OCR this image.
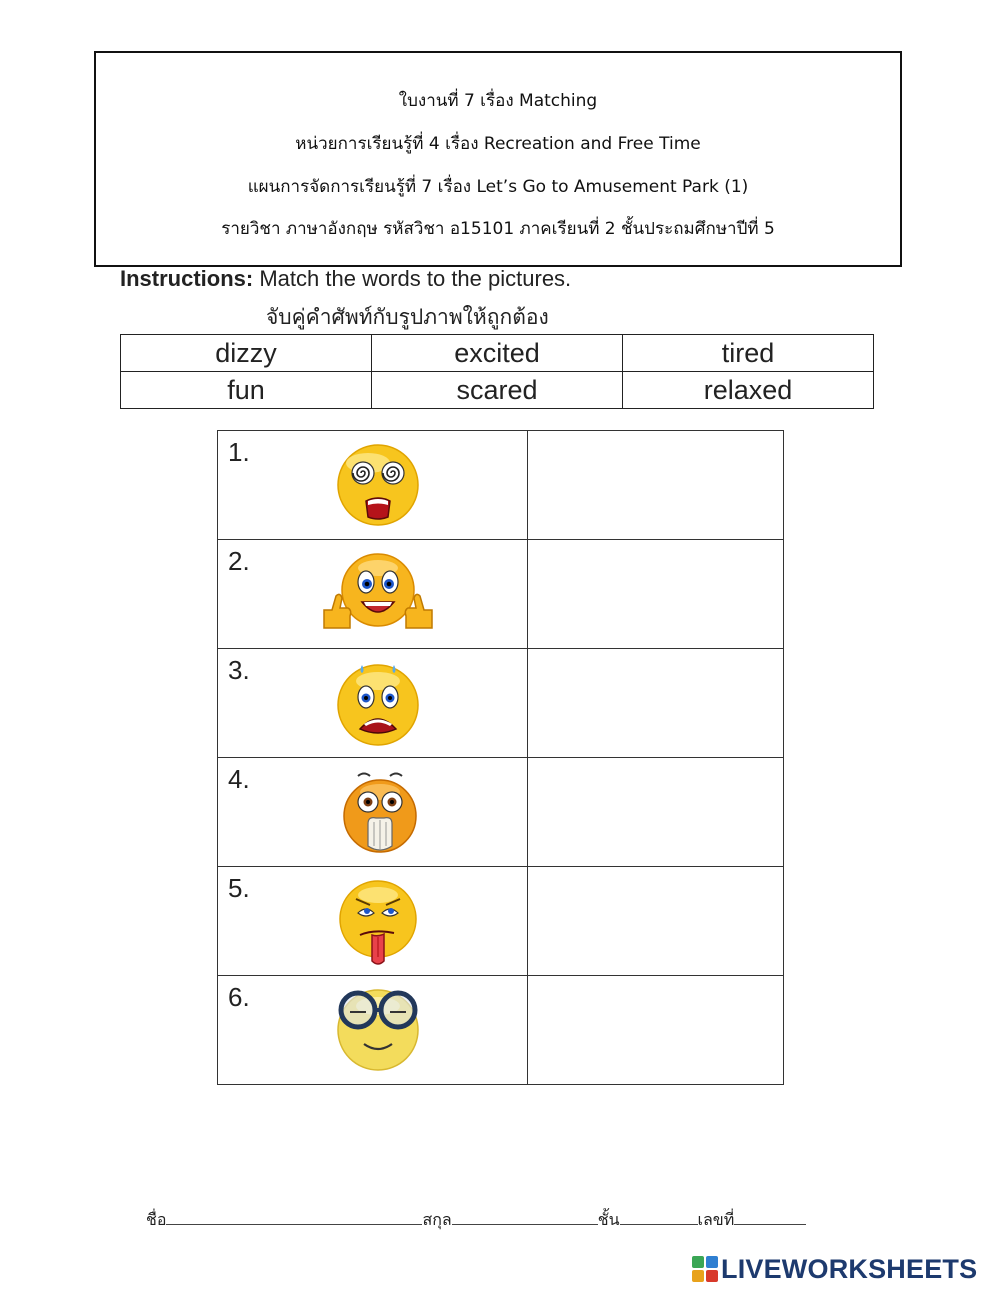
ใบงานที่ 7 เรื่อง Matching
หน่วยการเรียนรู้ที่ 4 เรื่อง Recreation and Free Time
แผนการจัดการเรียนรู้ที่ 7 เรื่อง Let’s Go to Amusement Park (1)
รายวิชา ภาษาอังกฤษ รหัสวิชา อ15101 ภาคเรียนที่ 2 ชั้นประถมศึกษาปีที่ 5
Instructions: Match the words to the pictures.
จับคู่คำศัพท์กับรูปภาพให้ถูกต้อง
dizzy	excited	tired
fun	scared	relaxed
1.	

2.	

3.	

4.	

5.	

6.	

ชื่อ	สกุล	ชั้น	เลขที่
LIVEWORKSHEETS
